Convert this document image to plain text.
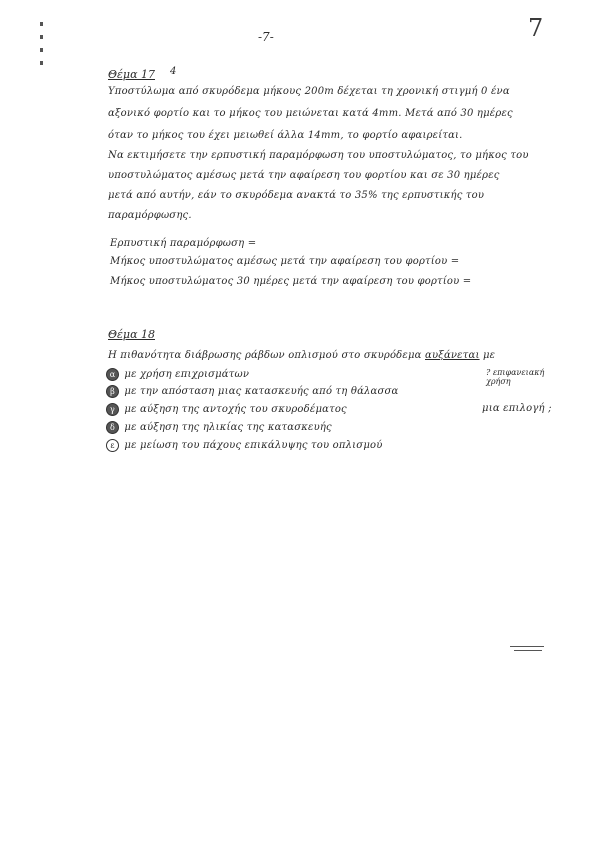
-7-	7
Θέμα 17 4
Υποστύλωμα από σκυρόδεμα μήκους 200m δέχεται τη χρονική στιγμή 0 ένα
αξονικό φορτίο και το μήκος του μειώνεται κατά 4mm. Μετά από 30 ημέρες
όταν το μήκος του έχει μειωθεί άλλα 14mm, το φορτίο αφαιρείται.
Να εκτιμήσετε την ερπυστική παραμόρφωση του υποστυλώματος, το μήκος του
υποστυλώματος αμέσως μετά την αφαίρεση του φορτίου και σε 30 ημέρες
μετά από αυτήν, εάν το σκυρόδεμα ανακτά το 35% της ερπυστικής του
παραμόρφωσης.
Ερπυστική παραμόρφωση =
Μήκος υποστυλώματος αμέσως μετά την αφαίρεση του φορτίου =
Μήκος υποστυλώματος 30 ημέρες μετά την αφαίρεση του φορτίου =
Θέμα 18
Η πιθανότητα διάβρωσης ράβδων οπλισμού στο σκυρόδεμα αυξάνεται με
α με χρήση επιχρισμάτων
β με την απόσταση μιας κατασκευής από τη θάλασσα
γ με αύξηση της αντοχής του σκυροδέματος
δ με αύξηση της ηλικίας της κατασκευής
ε με μείωση του πάχους επικάλυψης του οπλισμού
? επιφανειακή χρήση
μια επιλογή ;
